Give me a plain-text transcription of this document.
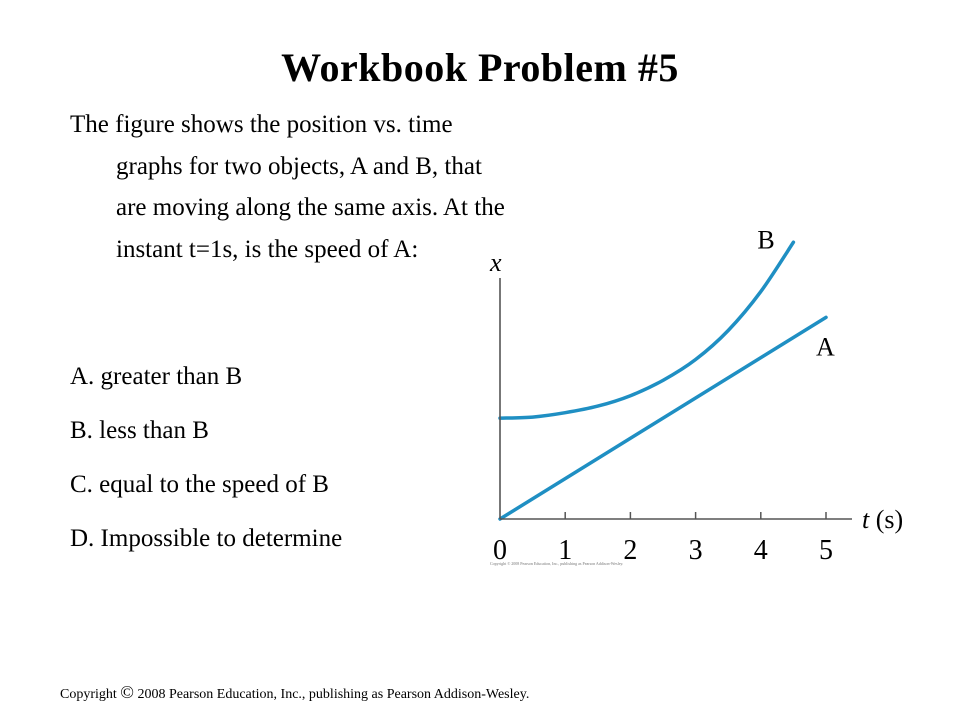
Workbook Problem #5

The figure shows the position vs. time graphs for two objects, A and B, that are moving along the same axis. At the instant t=1s, is the speed of A:

A. greater than B
B. less than B
C. equal to the speed of B
D. Impossible to determine	0 1 2 3 4 5
A
B
x
t (s)
Copyright © 2008 Pearson Education, Inc., publishing as Pearson Addison-Wesley.
Copyright © 2008 Pearson Education, Inc., publishing as Pearson Addison-Wesley.
